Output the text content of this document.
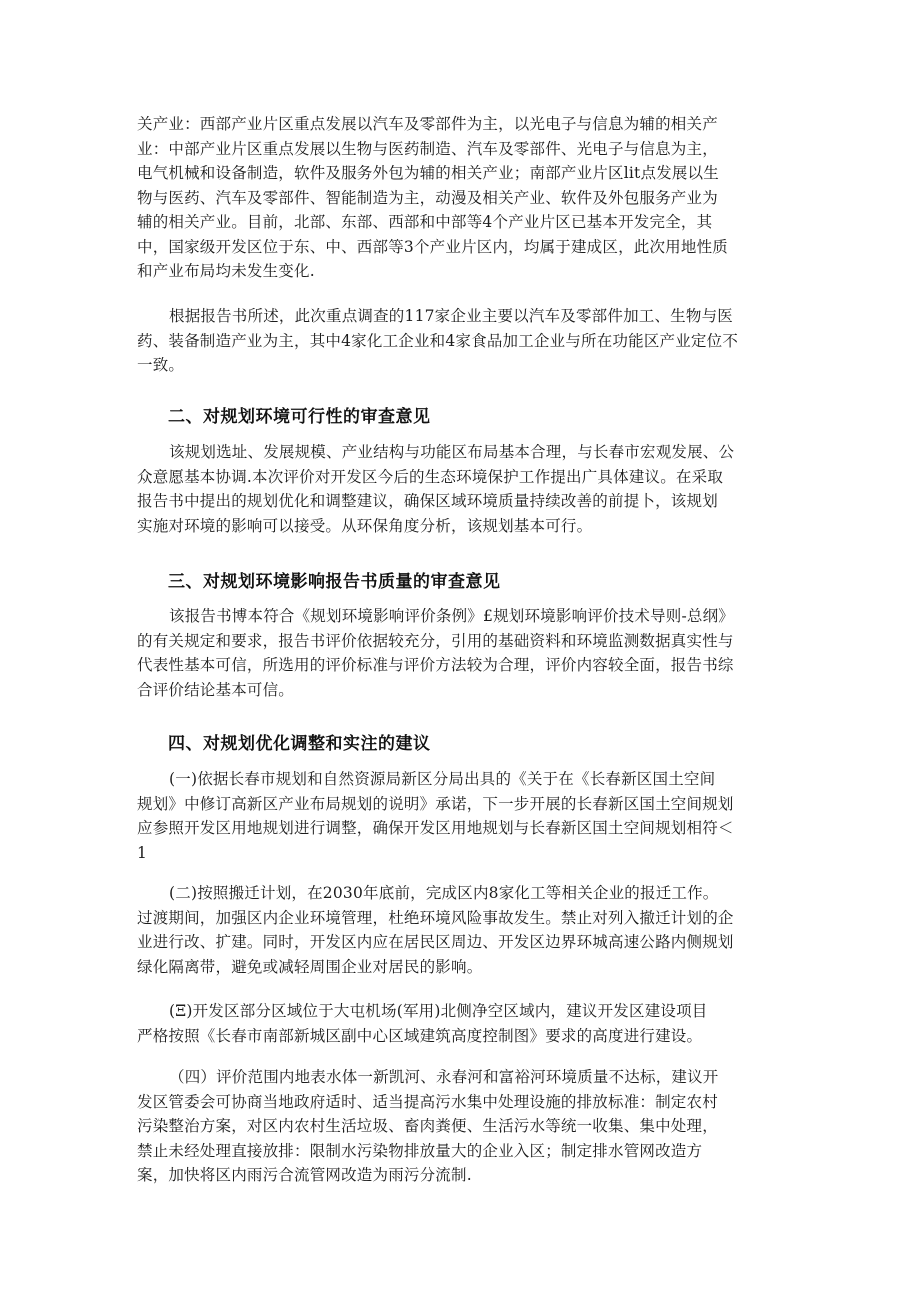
关产业：西部产业片区重点发展以汽车及零部件为主，以光电子与信息为辅的相关产
业：中部产业片区重点发展以生物与医药制造、汽车及零部件、光电子与信息为主，
电气机械和设备制造，软件及服务外包为辅的相关产业；南部产业片区lit点发展以生
物与医药、汽车及零部件、智能制造为主，动漫及相关产业、软件及外包服务产业为
辅的相关产业。目前，北部、东部、西部和中部等4个产业片区已基本开发完全，其
中，国家级开发区位于东、中、西部等3个产业片区内，均属于建成区，此次用地性质
和产业布局均未发生变化.
根据报告书所述，此次重点调查的117家企业主要以汽车及零部件加工、生物与医
药、装备制造产业为主，其中4家化工企业和4家食品加工企业与所在功能区产业定位不
一致。
二、对规划环境可行性的审查意见
该规划选址、发展规模、产业结构与功能区布局基本合理，与长春市宏观发展、公
众意愿基本协调.本次评价对开发区今后的生态环境保护工作提出广具体建议。在采取
报告书中提出的规划优化和调整建议，确保区域环境质量持续改善的前提卜，该规划
实施对环境的影响可以接受。从环保角度分析，该规划基本可行。
三、对规划环境影响报告书质量的审查意见
该报告书博本符合《规划环境影响评价条例》£规划环境影响评价技术导则-总纲》
的有关规定和要求，报告书评价依据较充分，引用的基础资料和环境监测数据真实性与
代表性基本可信，所选用的评价标准与评价方法较为合理，评价内容较全面，报告书综
合评价结论基本可信。
四、对规划优化调整和实注的建议
(一)依据长春市规划和自然资源局新区分局出具的《关于在《长春新区国土空间
规划》中修订高新区产业布局规划的说明》承诺，下一步开展的长春新区国土空间规划
应参照开发区用地规划进行调整，确保开发区用地规划与长春新区国土空间规划相符＜
1
(二)按照搬迁计划，在2030年底前，完成区内8家化工等相关企业的报迁工作。
过渡期间，加强区内企业环境管理，杜绝环境风险事故发生。禁止对列入撤迁计划的企
业进行改、扩建。同时，开发区内应在居民区周边、开发区边界环城高速公路内侧规划
绿化隔离带，避免或减轻周围企业对居民的影响。
(Ξ)开发区部分区域位于大屯机场(军用)北侧净空区域内，建议开发区建设项目
严格按照《长春市南部新城区副中心区域建筑高度控制图》要求的高度进行建设。
（四）评价范围内地表水体一新凯河、永春河和富裕河环境质量不达标，建议开
发区管委会可协商当地政府适时、适当提高污水集中处理设施的排放标准：制定农村
污染整治方案，对区内农村生活垃圾、畜肉粪便、生活污水等统一收集、集中处理，
禁止未经处理直接放排：限制水污染物排放量大的企业入区；制定排水管网改造方
案，加快将区内雨污合流管网改造为雨污分流制.
